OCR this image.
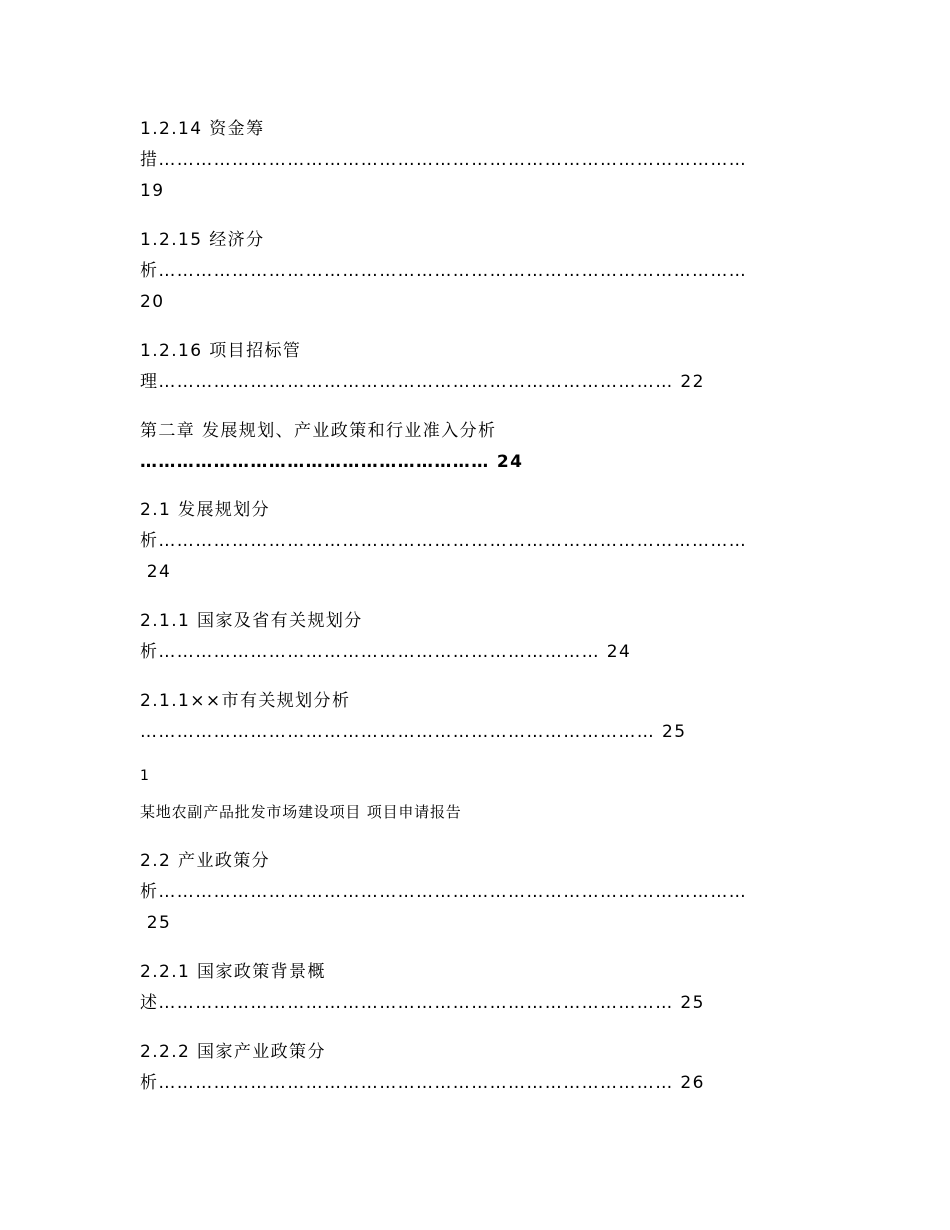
1.2.14 资金筹
措……………………………………………………………………………………
19
1.2.15 经济分
析……………………………………………………………………………………
20
1.2.16 项目招标管
理………………………………………………………………………… 22
第二章 发展规划、产业政策和行业准入分析
………………………………………………… 24
2.1 发展规划分
析……………………………………………………………………………………
24
2.1.1 国家及省有关规划分
析……………………………………………………………… 24
2.1.1××市有关规划分析
………………………………………………………………………… 25
1
某地农副产品批发市场建设项目 项目申请报告
2.2 产业政策分
析……………………………………………………………………………………
25
2.2.1 国家政策背景概
述………………………………………………………………………… 25
2.2.2 国家产业政策分
析………………………………………………………………………… 26
